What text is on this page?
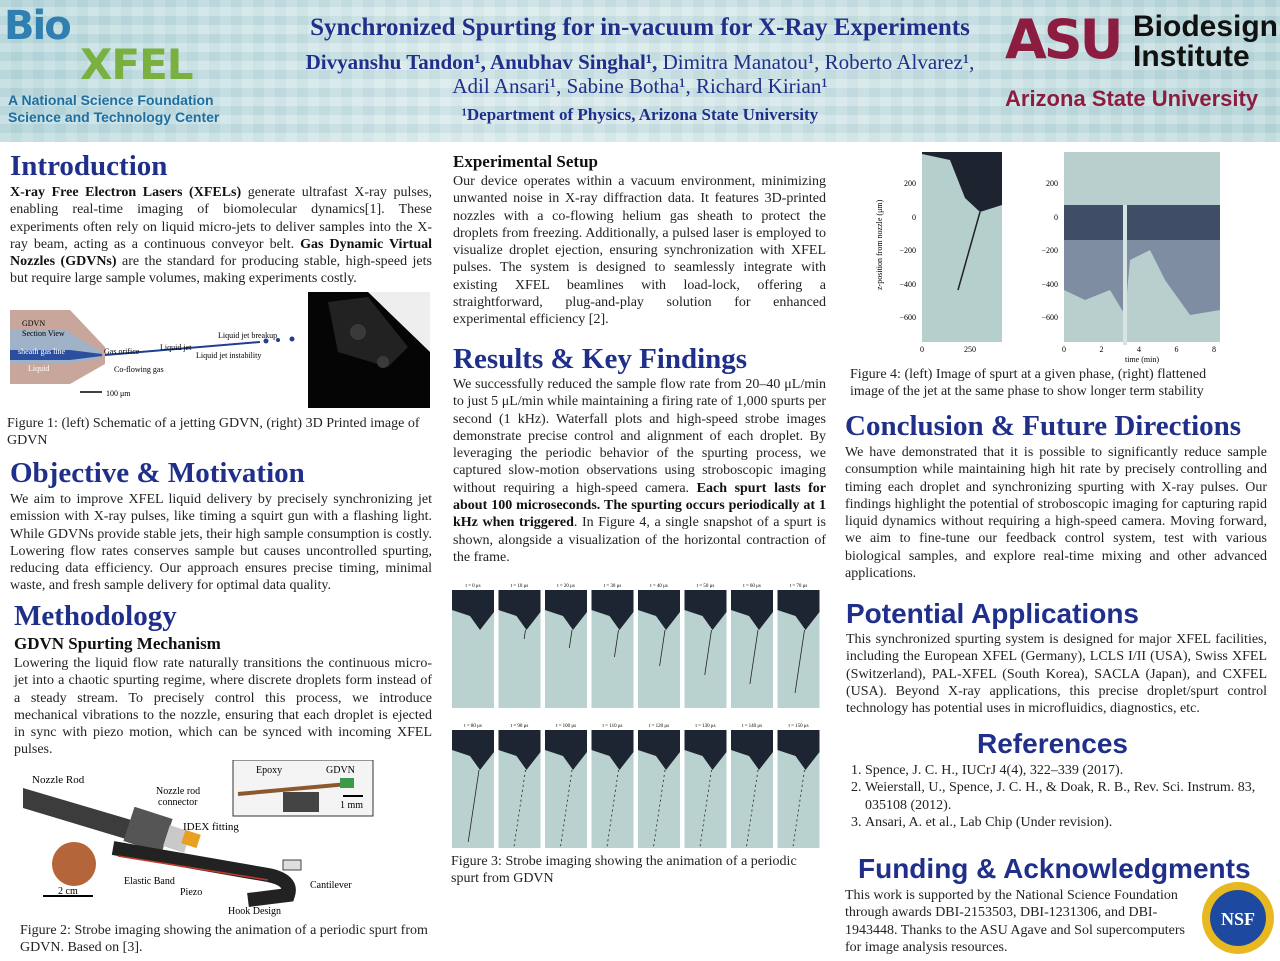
Bio
XFEL
A National Science Foundation
Science and Technology Center
Synchronized Spurting for in-vacuum for X-Ray Experiments
Divyanshu Tandon¹, Anubhav Singhal¹, Dimitra Manatou¹, Roberto Alvarez¹,
Adil Ansari¹, Sabine Botha¹, Richard Kirian¹
¹Department of Physics, Arizona State University
ASU Biodesign
Institute
Arizona State University
Introduction
X-ray Free Electron Lasers (XFELs) generate ultrafast X-ray pulses, enabling real-time imaging of biomolecular dynamics[1]. These experiments often rely on liquid micro-jets to deliver samples into the X-ray beam, acting as a continuous conveyor belt. Gas Dynamic Virtual Nozzles (GDVNs) are the standard for producing stable, high-speed jets but require large sample volumes, making experiments costly.
GDVN
Section View
sheath gas line
Liquid
Gas orifice	Liquid jet
Liquid jet breakup
Liquid jet instability
Co-flowing gas
100 μm
Figure 1: (left) Schematic of a jetting GDVN, (right) 3D Printed image of GDVN
Objective & Motivation
We aim to improve XFEL liquid delivery by precisely synchronizing jet emission with X-ray pulses, like timing a squirt gun with a flashing light. While GDVNs provide stable jets, their high sample consumption is costly. Lowering flow rates conserves sample but causes uncontrolled spurting, reducing data efficiency. Our approach ensures precise timing, minimal waste, and fresh sample delivery for optimal data quality.
Methodology
GDVN Spurting Mechanism
Lowering the liquid flow rate naturally transitions the continuous micro-jet into a chaotic spurting regime, where discrete droplets form instead of a steady stream. To precisely control this process, we introduce mechanical vibrations to the nozzle, ensuring that each droplet is ejected in sync with piezo motion, which can be synced with incoming XFEL pulses.
Nozzle Rod
Nozzle rod
connector
IDEX fitting
Epoxy	GDVN
1 mm
2 cm
Elastic Band
Piezo
Hook Design
Cantilever
Figure 2: Strobe imaging showing the animation of a periodic spurt from GDVN. Based on [3].
Experimental Setup
Our device operates within a vacuum environment, minimizing unwanted noise in X-ray diffraction data. It features 3D-printed nozzles with a co-flowing helium gas sheath to protect the droplets from freezing. Additionally, a pulsed laser is employed to visualize droplet ejection, ensuring synchronization with XFEL pulses. The system is designed to seamlessly integrate with existing XFEL beamlines with load-lock, offering a straightforward, plug-and-play solution for enhanced experimental efficiency [2].
Results & Key Findings
We successfully reduced the sample flow rate from 20–40 μL/min to just 5 μL/min while maintaining a firing rate of 1,000 spurts per second (1 kHz). Waterfall plots and high-speed strobe images demonstrate precise control and alignment of each droplet. By leveraging the periodic behavior of the spurting process, we captured slow-motion observations using stroboscopic imaging without requiring a high-speed camera. Each spurt lasts for about 100 microseconds. The spurting occurs periodically at 1 kHz when triggered. In Figure 4, a single snapshot of a spurt is shown, alongside a visualization of the horizontal contraction of the frame.
t = 0 μs	t = 10 μs	t = 20 μs	t = 30 μs	t = 40 μs	t = 50 μs	t = 60 μs	t = 70 μs
t = 80 μs	t = 90 μs	t = 100 μs	t = 110 μs	t = 120 μs	t = 130 μs	t = 140 μs	t = 150 μs
Figure 3: Strobe imaging showing the animation of a periodic spurt from GDVN
z-position from nozzle (μm)
200	200
0	0
−200	−200
−400	−400
−600	−600
0	250	0	2	4	6	8
time (min)
Figure 4: (left) Image of spurt at a given phase, (right) flattened image of the jet at the same phase to show longer term stability
Conclusion & Future Directions
We have demonstrated that it is possible to significantly reduce sample consumption while maintaining high hit rate by precisely controlling and timing each droplet and synchronizing spurting with X-ray pulses. Our findings highlight the potential of stroboscopic imaging for capturing rapid liquid dynamics without requiring a high-speed camera. Moving forward, we aim to fine-tune our feedback control system, test with various biological samples, and explore real-time mixing and other advanced applications.
Potential Applications
This synchronized spurting system is designed for major XFEL facilities, including the European XFEL (Germany), LCLS I/II (USA), Swiss XFEL (Switzerland), PAL-XFEL (South Korea), SACLA (Japan), and CXFEL (USA). Beyond X-ray applications, this precise droplet/spurt control technology has potential uses in microfluidics, diagnostics, etc.
References
1. Spence, J. C. H., IUCrJ 4(4), 322–339 (2017).
2. Weierstall, U., Spence, J. C. H., & Doak, R. B., Rev. Sci. Instrum. 83, 035108 (2012).
3. Ansari, A. et al., Lab Chip (Under revision).
Funding & Acknowledgments
This work is supported by the National Science Foundation through awards DBI-2153503, DBI-1231306, and DBI-1943448. Thanks to the ASU Agave and Sol supercomputers for image analysis resources.
NSF
